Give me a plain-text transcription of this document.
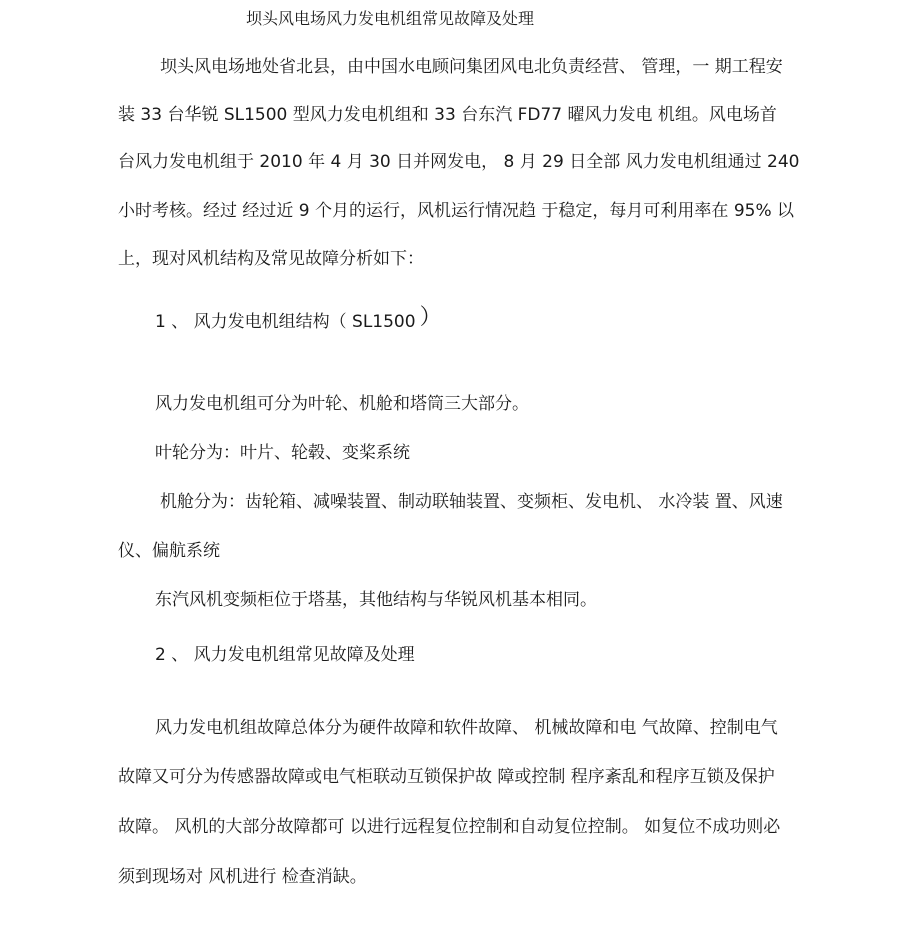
坝头风电场风力发电机组常见故障及处理

坝头风电场地处省北县，由中国水电顾问集团风电北负责经营、 管理，一 期工程安

装 33 台华锐 SL1500 型风力发电机组和 33 台东汽 FD77 曜风力发电 机组。风电场首

台风力发电机组于 2010 年 4 月 30 日并网发电， 8 月 29 日全部 风力发电机组通过 240

小时考核。经过 经过近 9 个月的运行，风机运行情况趋 于稳定，每月可利用率在 95% 以

上，现对风机结构及常见故障分析如下：

1 、 风力发电机组结构（ SL1500 ）

风力发电机组可分为叶轮、机舱和塔筒三大部分。

叶轮分为：叶片、轮毂、变桨系统

机舱分为：齿轮箱、减噪装置、制动联轴装置、变频柜、发电机、 水冷装 置、风速

仪、偏航系统

东汽风机变频柜位于塔基，其他结构与华锐风机基本相同。

2 、 风力发电机组常见故障及处理

风力发电机组故障总体分为硬件故障和软件故障、 机械故障和电 气故障、控制电气

故障又可分为传感器故障或电气柜联动互锁保护故 障或控制 程序紊乱和程序互锁及保护

故障。 风机的大部分故障都可 以进行远程复位控制和自动复位控制。 如复位不成功则必

须到现场对 风机进行 检查消缺。
